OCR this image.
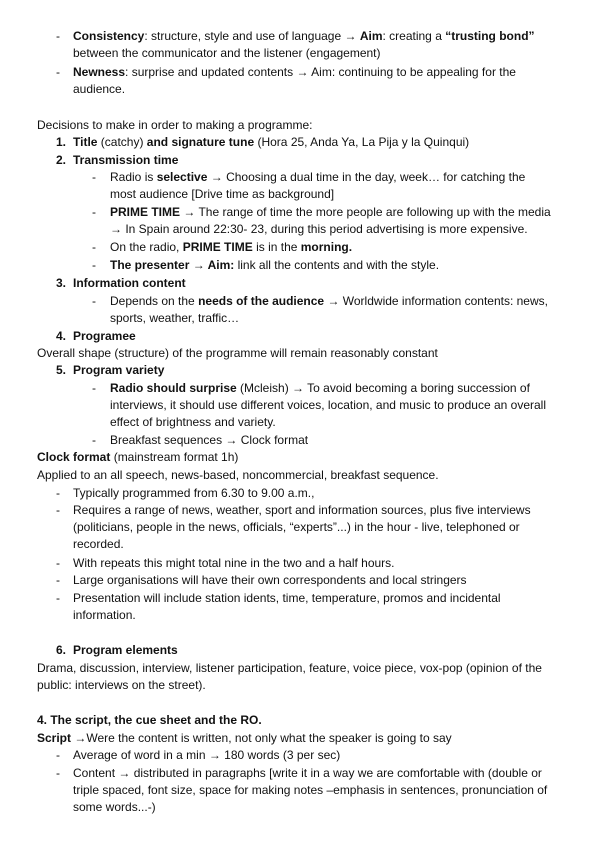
- Consistency: structure, style and use of language → Aim: creating a “trusting bond”
between the communicator and the listener (engagement)
- Newness: surprise and updated contents → Aim: continuing to be appealing for the
audience.
Decisions to make in order to making a programme:
1. Title (catchy) and signature tune (Hora 25, Anda Ya, La Pija y la Quinqui)
2. Transmission time
- Radio is selective → Choosing a dual time in the day, week… for catching the
most audience [Drive time as background]
- PRIME TIME → The range of time the more people are following up with the media
→ In Spain around 22:30- 23, during this period advertising is more expensive.
- On the radio, PRIME TIME is in the morning.
- The presenter → Aim: link all the contents and with the style.
3. Information content
- Depends on the needs of the audience → Worldwide information contents: news,
sports, weather, traffic…
4. Programee
Overall shape (structure) of the programme will remain reasonably constant
5. Program variety
- Radio should surprise (Mcleish) → To avoid becoming a boring succession of
interviews, it should use different voices, location, and music to produce an overall
effect of brightness and variety.
- Breakfast sequences → Clock format
Clock format (mainstream format 1h)
Applied to an all speech, news-based, noncommercial, breakfast sequence.
- Typically programmed from 6.30 to 9.00 a.m.,
- Requires a range of news, weather, sport and information sources, plus five interviews
(politicians, people in the news, officials, “experts”...) in the hour - live, telephoned or
recorded.
- With repeats this might total nine in the two and a half hours.
- Large organisations will have their own correspondents and local stringers
- Presentation will include station idents, time, temperature, promos and incidental
information.
6. Program elements
Drama, discussion, interview, listener participation, feature, voice piece, vox-pop (opinion of the
public: interviews on the street).
4. The script, the cue sheet and the RO.
Script →Were the content is written, not only what the speaker is going to say
- Average of word in a min → 180 words (3 per sec)
- Content → distributed in paragraphs [write it in a way we are comfortable with (double or
triple spaced, font size, space for making notes –emphasis in sentences, pronunciation of
some words...-)
